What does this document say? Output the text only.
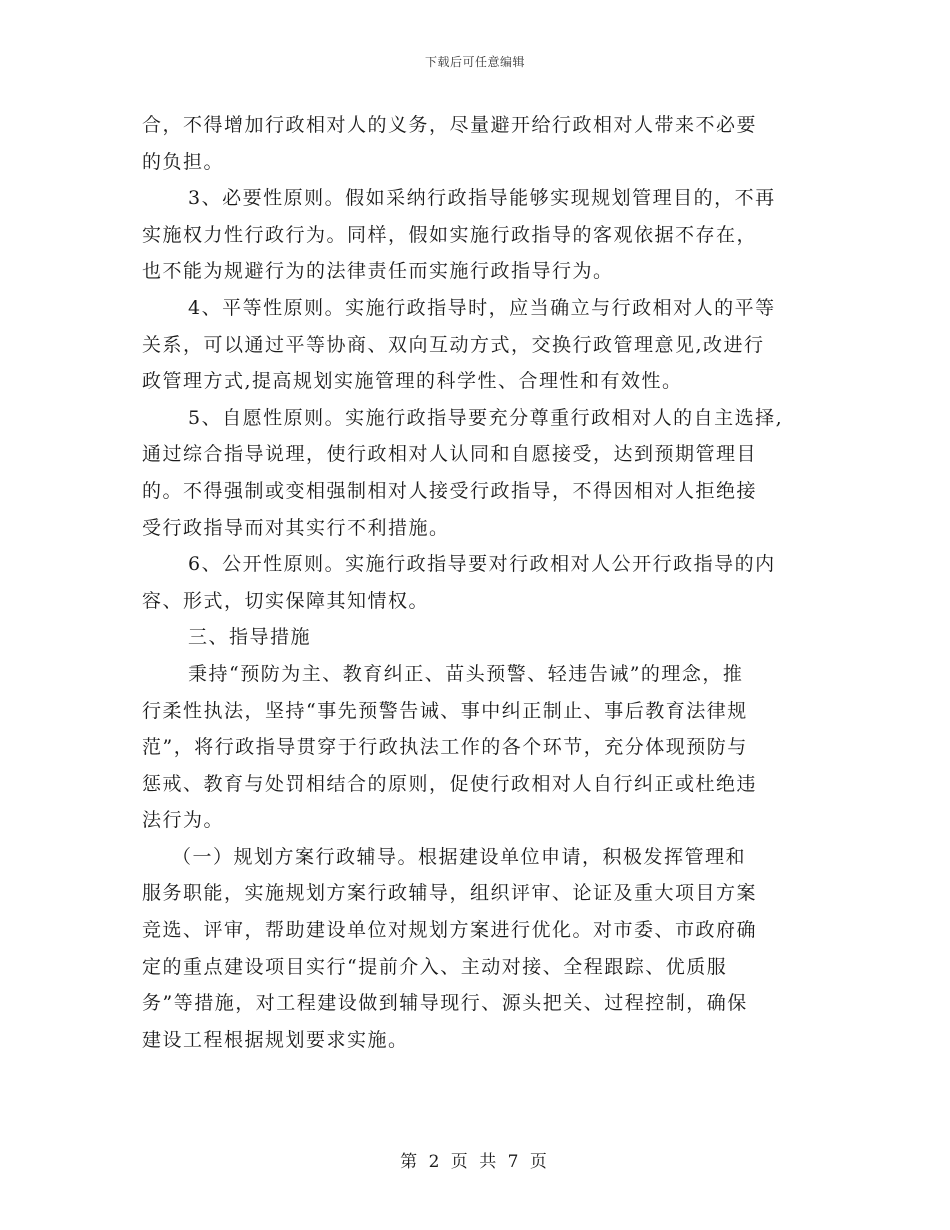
下载后可任意编辑
合，不得增加行政相对人的义务，尽量避开给行政相对人带来不必要
的负担。
3、必要性原则。假如采纳行政指导能够实现规划管理目的，不再
实施权力性行政行为。同样，假如实施行政指导的客观依据不存在，
也不能为规避行为的法律责任而实施行政指导行为。
4、平等性原则。实施行政指导时，应当确立与行政相对人的平等
关系，可以通过平等协商、双向互动方式，交换行政管理意见,改进行
政管理方式,提高规划实施管理的科学性、合理性和有效性。
5、自愿性原则。实施行政指导要充分尊重行政相对人的自主选择,
通过综合指导说理，使行政相对人认同和自愿接受，达到预期管理目
的。不得强制或变相强制相对人接受行政指导，不得因相对人拒绝接
受行政指导而对其实行不利措施。
6、公开性原则。实施行政指导要对行政相对人公开行政指导的内
容、形式，切实保障其知情权。
三、指导措施
秉持“预防为主、教育纠正、苗头预警、轻违告诫”的理念，推
行柔性执法，坚持“事先预警告诫、事中纠正制止、事后教育法律规
范”，将行政指导贯穿于行政执法工作的各个环节，充分体现预防与
惩戒、教育与处罚相结合的原则，促使行政相对人自行纠正或杜绝违
法行为。
（一）规划方案行政辅导。根据建设单位申请，积极发挥管理和
服务职能，实施规划方案行政辅导，组织评审、论证及重大项目方案
竞选、评审，帮助建设单位对规划方案进行优化。对市委、市政府确
定的重点建设项目实行“提前介入、主动对接、全程跟踪、优质服
务”等措施，对工程建设做到辅导现行、源头把关、过程控制，确保
建设工程根据规划要求实施。
第 2 页 共 7 页
